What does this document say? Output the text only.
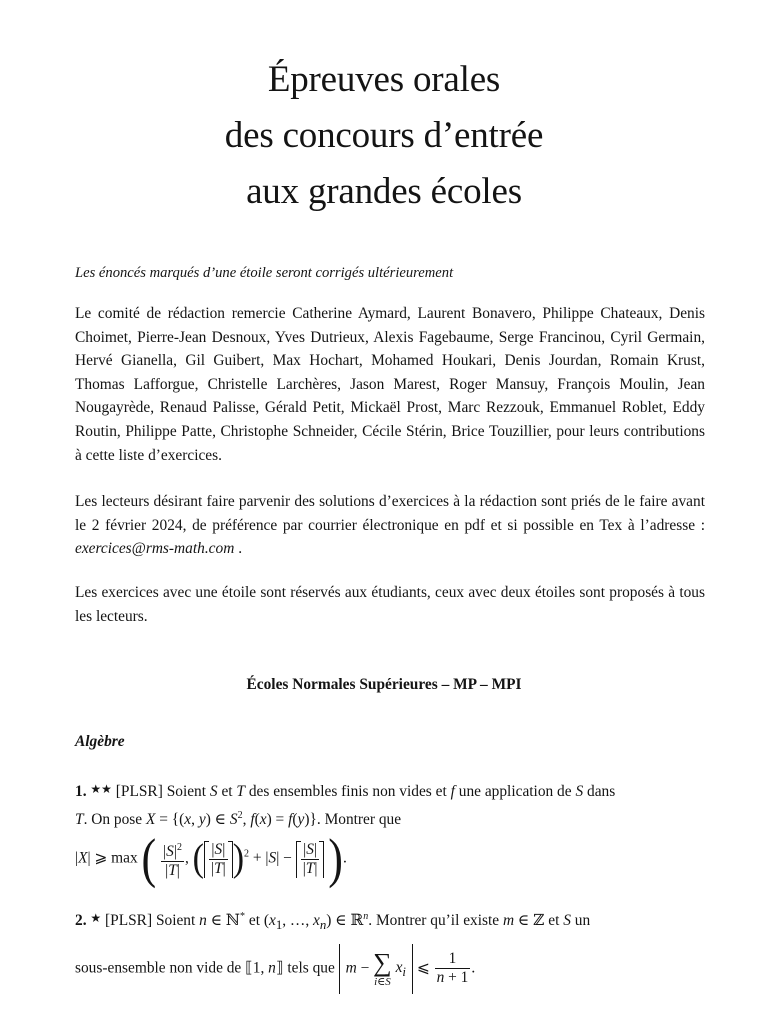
Épreuves orales
des concours d’entrée
aux grandes écoles
Les énoncés marqués d’une étoile seront corrigés ultérieurement
Le comité de rédaction remercie Catherine Aymard, Laurent Bonavero, Philippe Chateaux, Denis Choimet, Pierre-Jean Desnoux, Yves Dutrieux, Alexis Fagebaume, Serge Francinou, Cyril Germain, Hervé Gianella, Gil Guibert, Max Hochart, Mohamed Houkari, Denis Jourdan, Romain Krust, Thomas Lafforgue, Christelle Larchères, Jason Marest, Roger Mansuy, François Moulin, Jean Nougayrède, Renaud Palisse, Gérald Petit, Mickaël Prost, Marc Rezzouk, Emmanuel Roblet, Eddy Routin, Philippe Patte, Christophe Schneider, Cécile Stérin, Brice Touzillier, pour leurs contributions à cette liste d’exercices.
Les lecteurs désirant faire parvenir des solutions d’exercices à la rédaction sont priés de le faire avant le 2 février 2024, de préférence par courrier électronique en pdf et si possible en Tex à l’adresse : exercices@rms-math.com .
Les exercices avec une étoile sont réservés aux étudiants, ceux avec deux étoiles sont proposés à tous les lecteurs.
Écoles Normales Supérieures – MP – MPI
Algèbre
1. ★★ [PLSR] Soient S et T des ensembles finis non vides et f une application de S dans
T. On pose X = {(x, y) ∈ $S^2$, f(x) = f(y)}. Montrer que
|X| ⩾ max ( $\frac{|S|^2}{|T|}$ , ( $\frac{|S|}{|T|} )^2 + |S| - \frac{|S|}{|T|}$ ).
2. ★ [PLSR] Soient n ∈ ℕ* et ($x_1$, …, $x_n$) ∈ ℝ$^n$. Montrer qu’il existe m ∈ ℤ et S un
sous-ensemble non vide de ⟦1, n⟧ tels que m − ∑
i∈S
$x_i$ ⩽ $\frac{1}{n + 1}$ .
